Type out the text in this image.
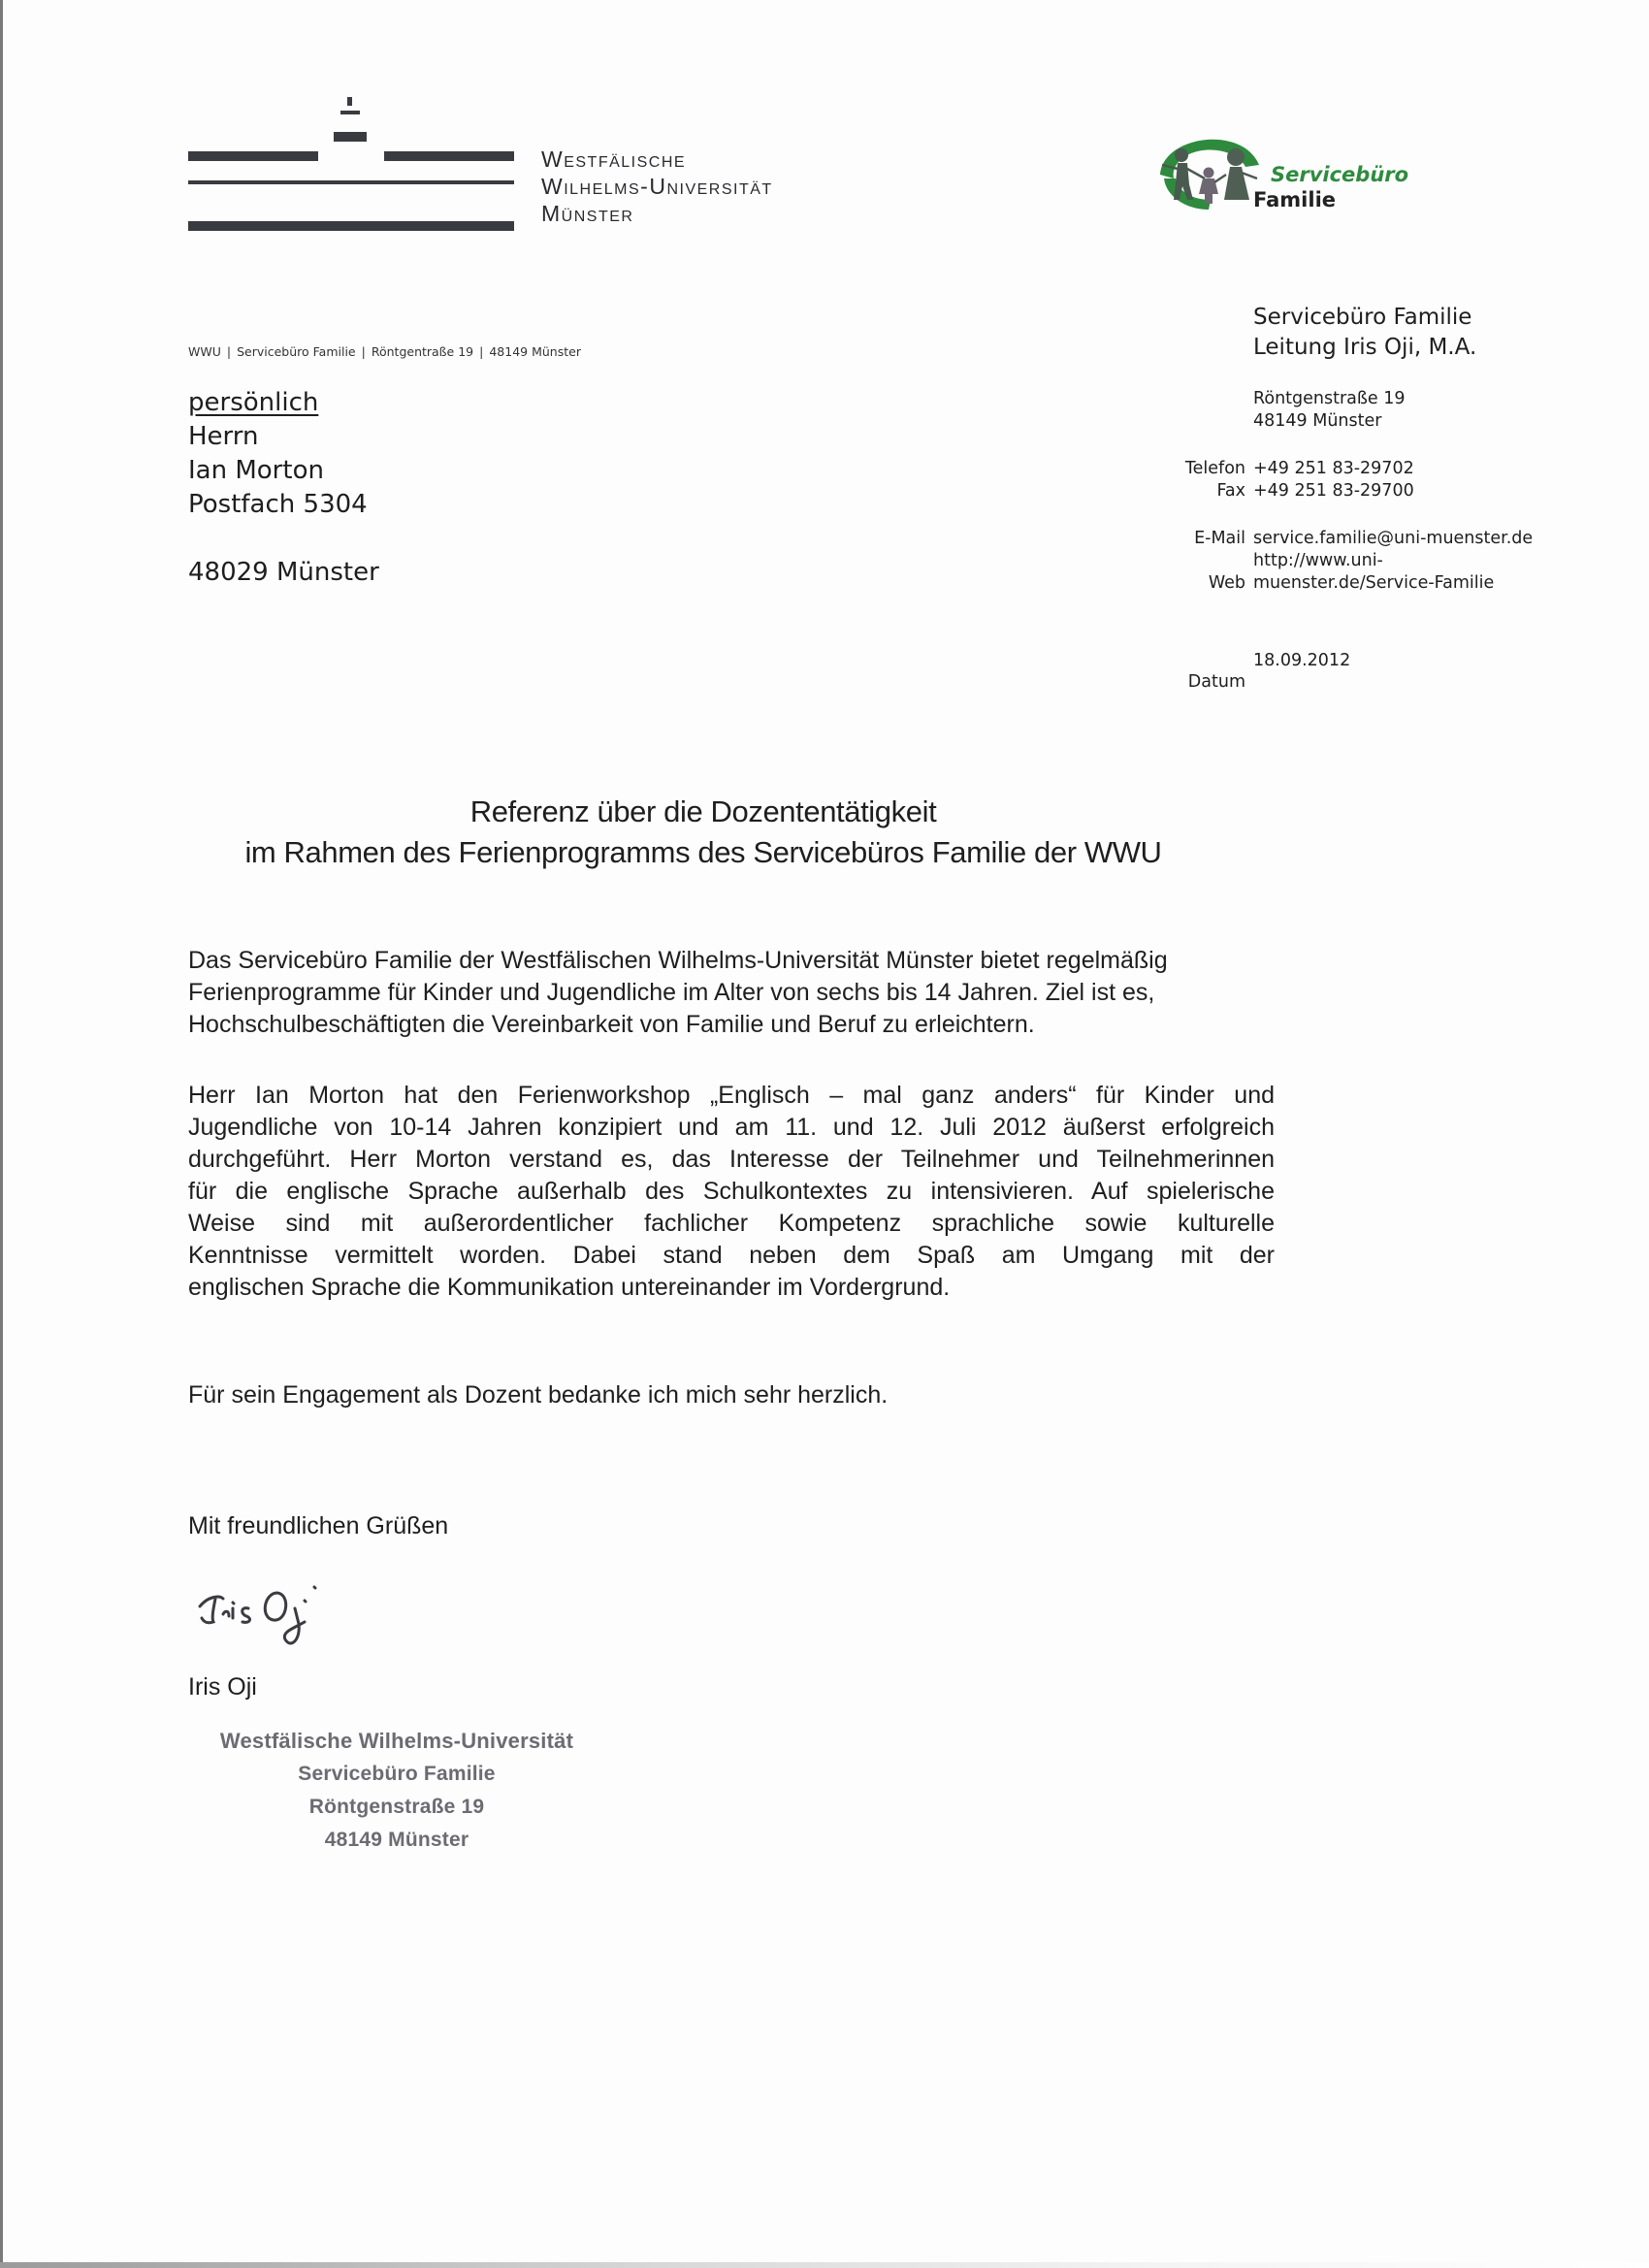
Westfälische
Wilhelms-Universität
Münster
Servicebüro
Familie
WWU | Servicebüro Familie | Röntgentraße 19 | 48149 Münster
persönlich
Herrn
Ian Morton
Postfach 5304
48029 Münster
Servicebüro Familie
Leitung Iris Oji, M.A.
Röntgenstraße 19
48149 Münster
Telefon +49 251 83-29702
Fax +49 251 83-29700
E-Mail service.familie@uni-muenster.de
http://www.uni-
Web muenster.de/Service-Familie
18.09.2012
Datum
Referenz über die Dozententätigkeit
im Rahmen des Ferienprogramms des Servicebüros Familie der WWU
Das Servicebüro Familie der Westfälischen Wilhelms-Universität Münster bietet regelmäßig
Ferienprogramme für Kinder und Jugendliche im Alter von sechs bis 14 Jahren. Ziel ist es,
Hochschulbeschäftigten die Vereinbarkeit von Familie und Beruf zu erleichtern.
Herr Ian Morton hat den Ferienworkshop „Englisch – mal ganz anders“ für Kinder und
Jugendliche von 10-14 Jahren konzipiert und am 11. und 12. Juli 2012 äußerst erfolgreich
durchgeführt. Herr Morton verstand es, das Interesse der Teilnehmer und Teilnehmerinnen
für die englische Sprache außerhalb des Schulkontextes zu intensivieren. Auf spielerische
Weise sind mit außerordentlicher fachlicher Kompetenz sprachliche sowie kulturelle
Kenntnisse vermittelt worden. Dabei stand neben dem Spaß am Umgang mit der
englischen Sprache die Kommunikation untereinander im Vordergrund.
Für sein Engagement als Dozent bedanke ich mich sehr herzlich.
Mit freundlichen Grüßen
Iris Oji
Westfälische Wilhelms-Universität
Servicebüro Familie
Röntgenstraße 19
48149 Münster
